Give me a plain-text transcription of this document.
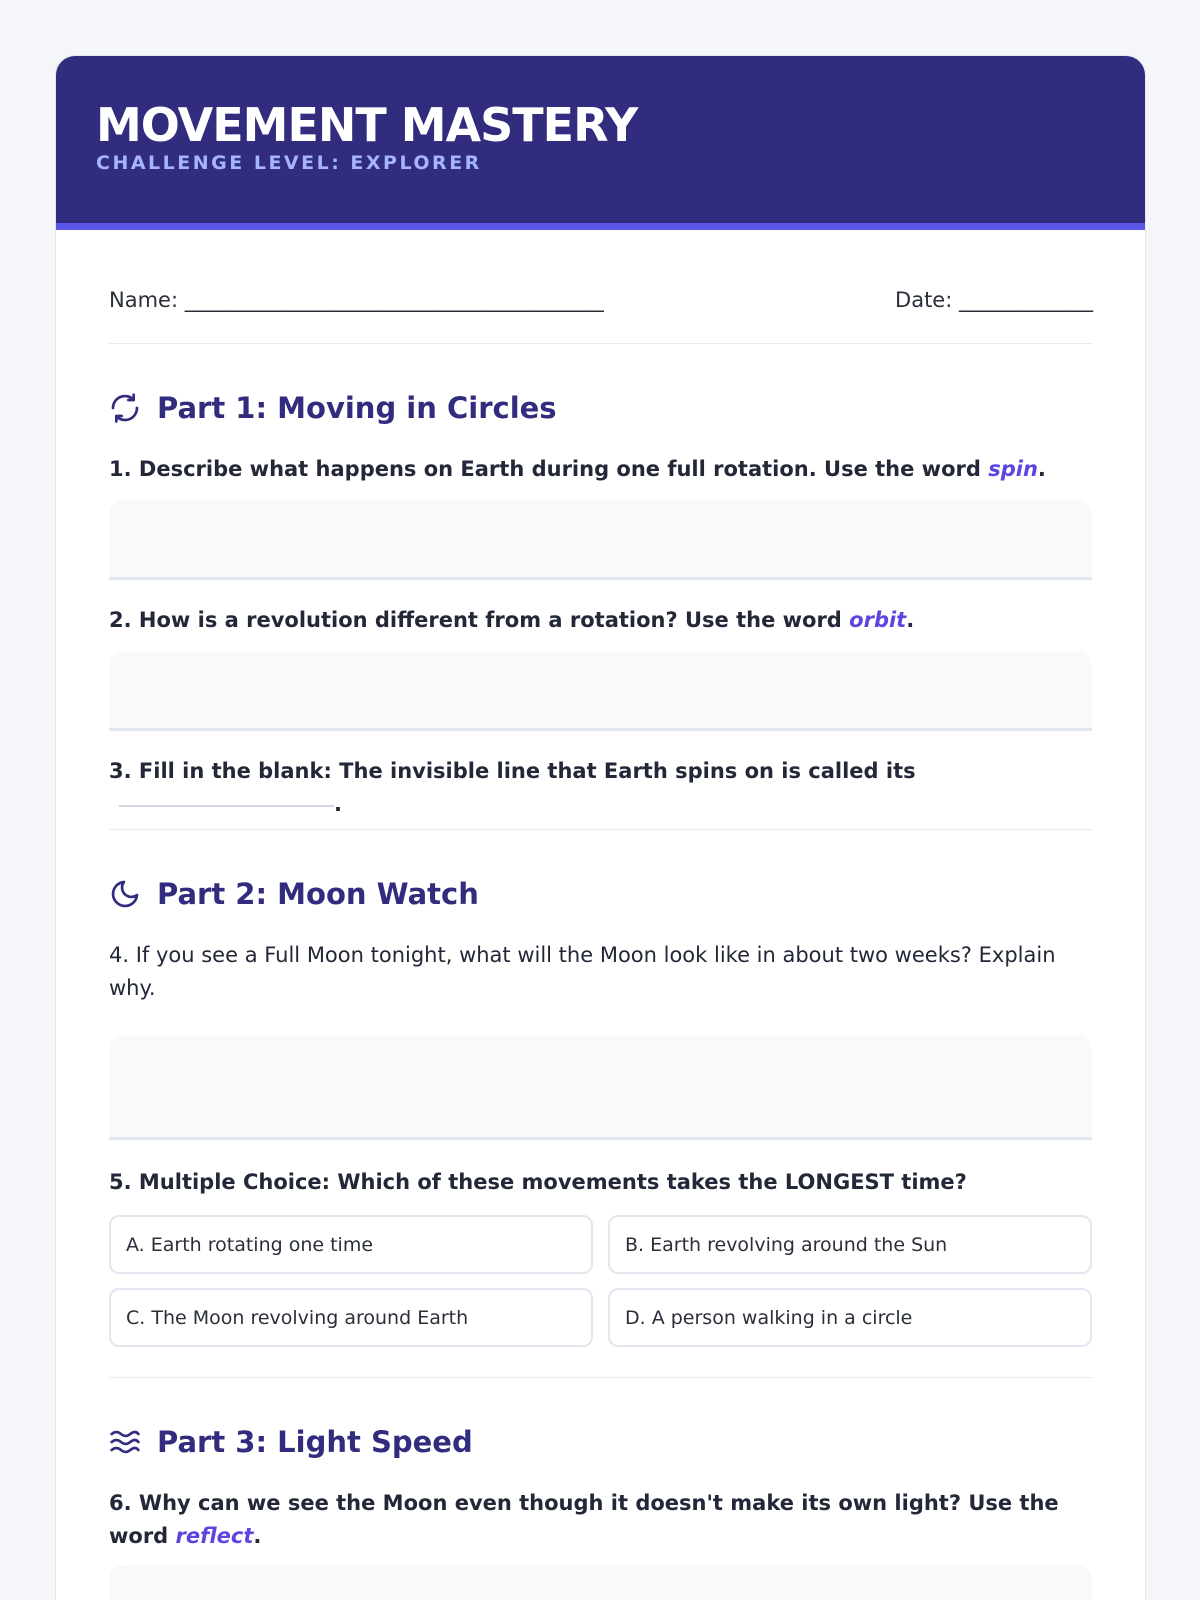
MOVEMENT MASTERY
CHALLENGE LEVEL: EXPLORER
Name: ____________________________________________	Date: ______________
Part 1: Moving in Circles
1. Describe what happens on Earth during one full rotation. Use the word spin.
2. How is a revolution different from a rotation? Use the word orbit.
3. Fill in the blank: The invisible line that Earth spins on is called its.
Part 2: Moon Watch
4. If you see a Full Moon tonight, what will the Moon look like in about two weeks? Explain why.
5. Multiple Choice: Which of these movements takes the LONGEST time?
A. Earth rotating one time	B. Earth revolving around the Sun
C. The Moon revolving around Earth	D. A person walking in a circle
Part 3: Light Speed
6. Why can we see the Moon even though it doesn't make its own light? Use the word reflect.
